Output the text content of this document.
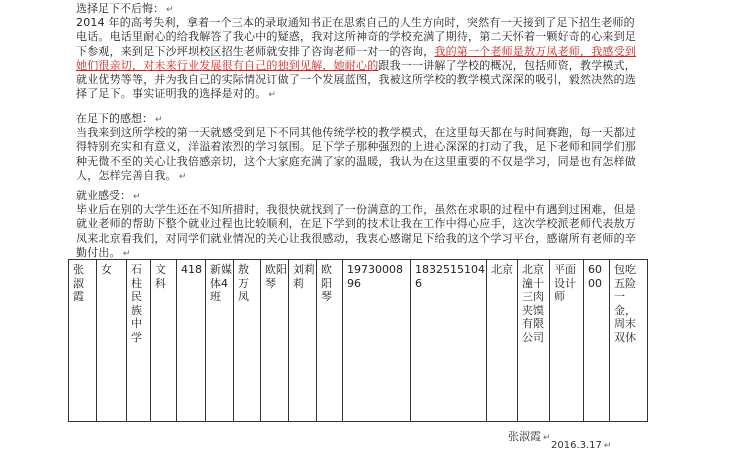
选择足下不后悔： ↵
2014 年的高考失利，拿着一个三本的录取通知书正在思索自己的人生方向时，突然有一天接到了足下招生老师的电话。电话里耐心的给我解答了我心中的疑惑，我对这所神奇的学校充满了期待，第二天怀着一颗好奇的心来到足下参观，来到足下沙坪坝校区招生老师就安排了咨询老师一对一的咨询，我的第一个老师是敖万凤老师，我感受到她们很亲切，对未来行业发展很有自己的独到见解，她耐心的跟我一一讲解了学校的概况，包括师资，教学模式，就业优势等等，并为我自己的实际情况订做了一个发展蓝图，我被这所学校的教学模式深深的吸引，毅然决然的选择了足下。事实证明我的选择是对的。 ↵
在足下的感想： ↵
当我来到这所学校的第一天就感受到足下不同其他传统学校的教学模式，在这里每天都在与时间赛跑，每一天都过得特别充实和有意义，洋溢着浓烈的学习氛围。足下学子那种强烈的上进心深深的打动了我，足下老师和同学们那种无微不至的关心让我倍感亲切，这个大家庭充满了家的温暖，我认为在这里重要的不仅是学习，同是也有怎样做人，怎样完善自我。 ↵
就业感受： ↵
毕业后在别的大学生还在不知所措时，我很快就找到了一份满意的工作，虽然在求职的过程中有遇到过困难，但是就业老师的帮助下整个就业过程也比较顺利，在足下学到的技术让我在工作中得心应手，这次学校派老师代表敖万凤来北京看我们，对同学们就业情况的关心让我很感动，我衷心感谢足下给我的这个学习平台，感谢所有老师的辛勤付出。 ↵
张淑霞
女	石柱民族中学
文科
418 新媒体4班
敖万凤
欧阳琴
刘莉莉
欧阳琴
1973000896
18325151046
北京 北京潼十三肉夹馍有限公司
平面设计师
6000
包吃五险一金，周末双休
张淑霞 ↵
2016.3.17 ↵
